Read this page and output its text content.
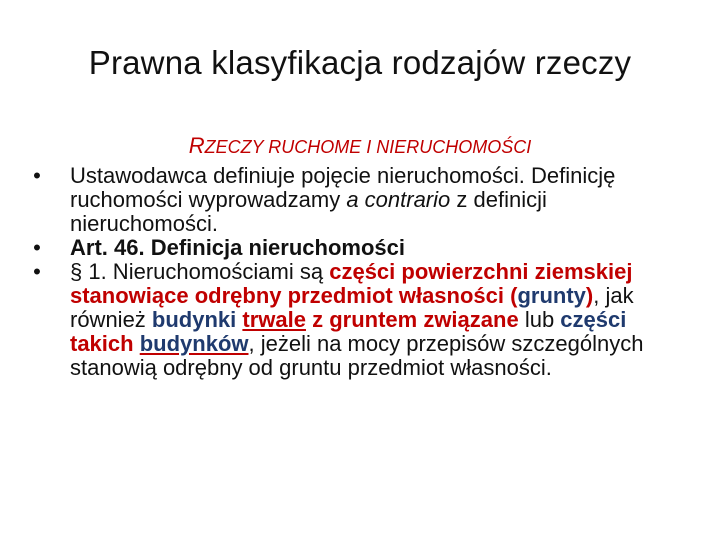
Prawna klasyfikacja rodzajów rzeczy
RZECZY RUCHOME I NIERUCHOMOŚCI
• Ustawodawca definiuje pojęcie nieruchomości. Definicję ruchomości wyprowadzamy a contrario z definicji nieruchomości.
• Art. 46. Definicja nieruchomości
• § 1. Nieruchomościami są części powierzchni ziemskiej stanowiące odrębny przedmiot własności (grunty), jak również budynki trwale z gruntem związane lub części takich budynków, jeżeli na mocy przepisów szczególnych stanowią odrębny od gruntu przedmiot własności.
